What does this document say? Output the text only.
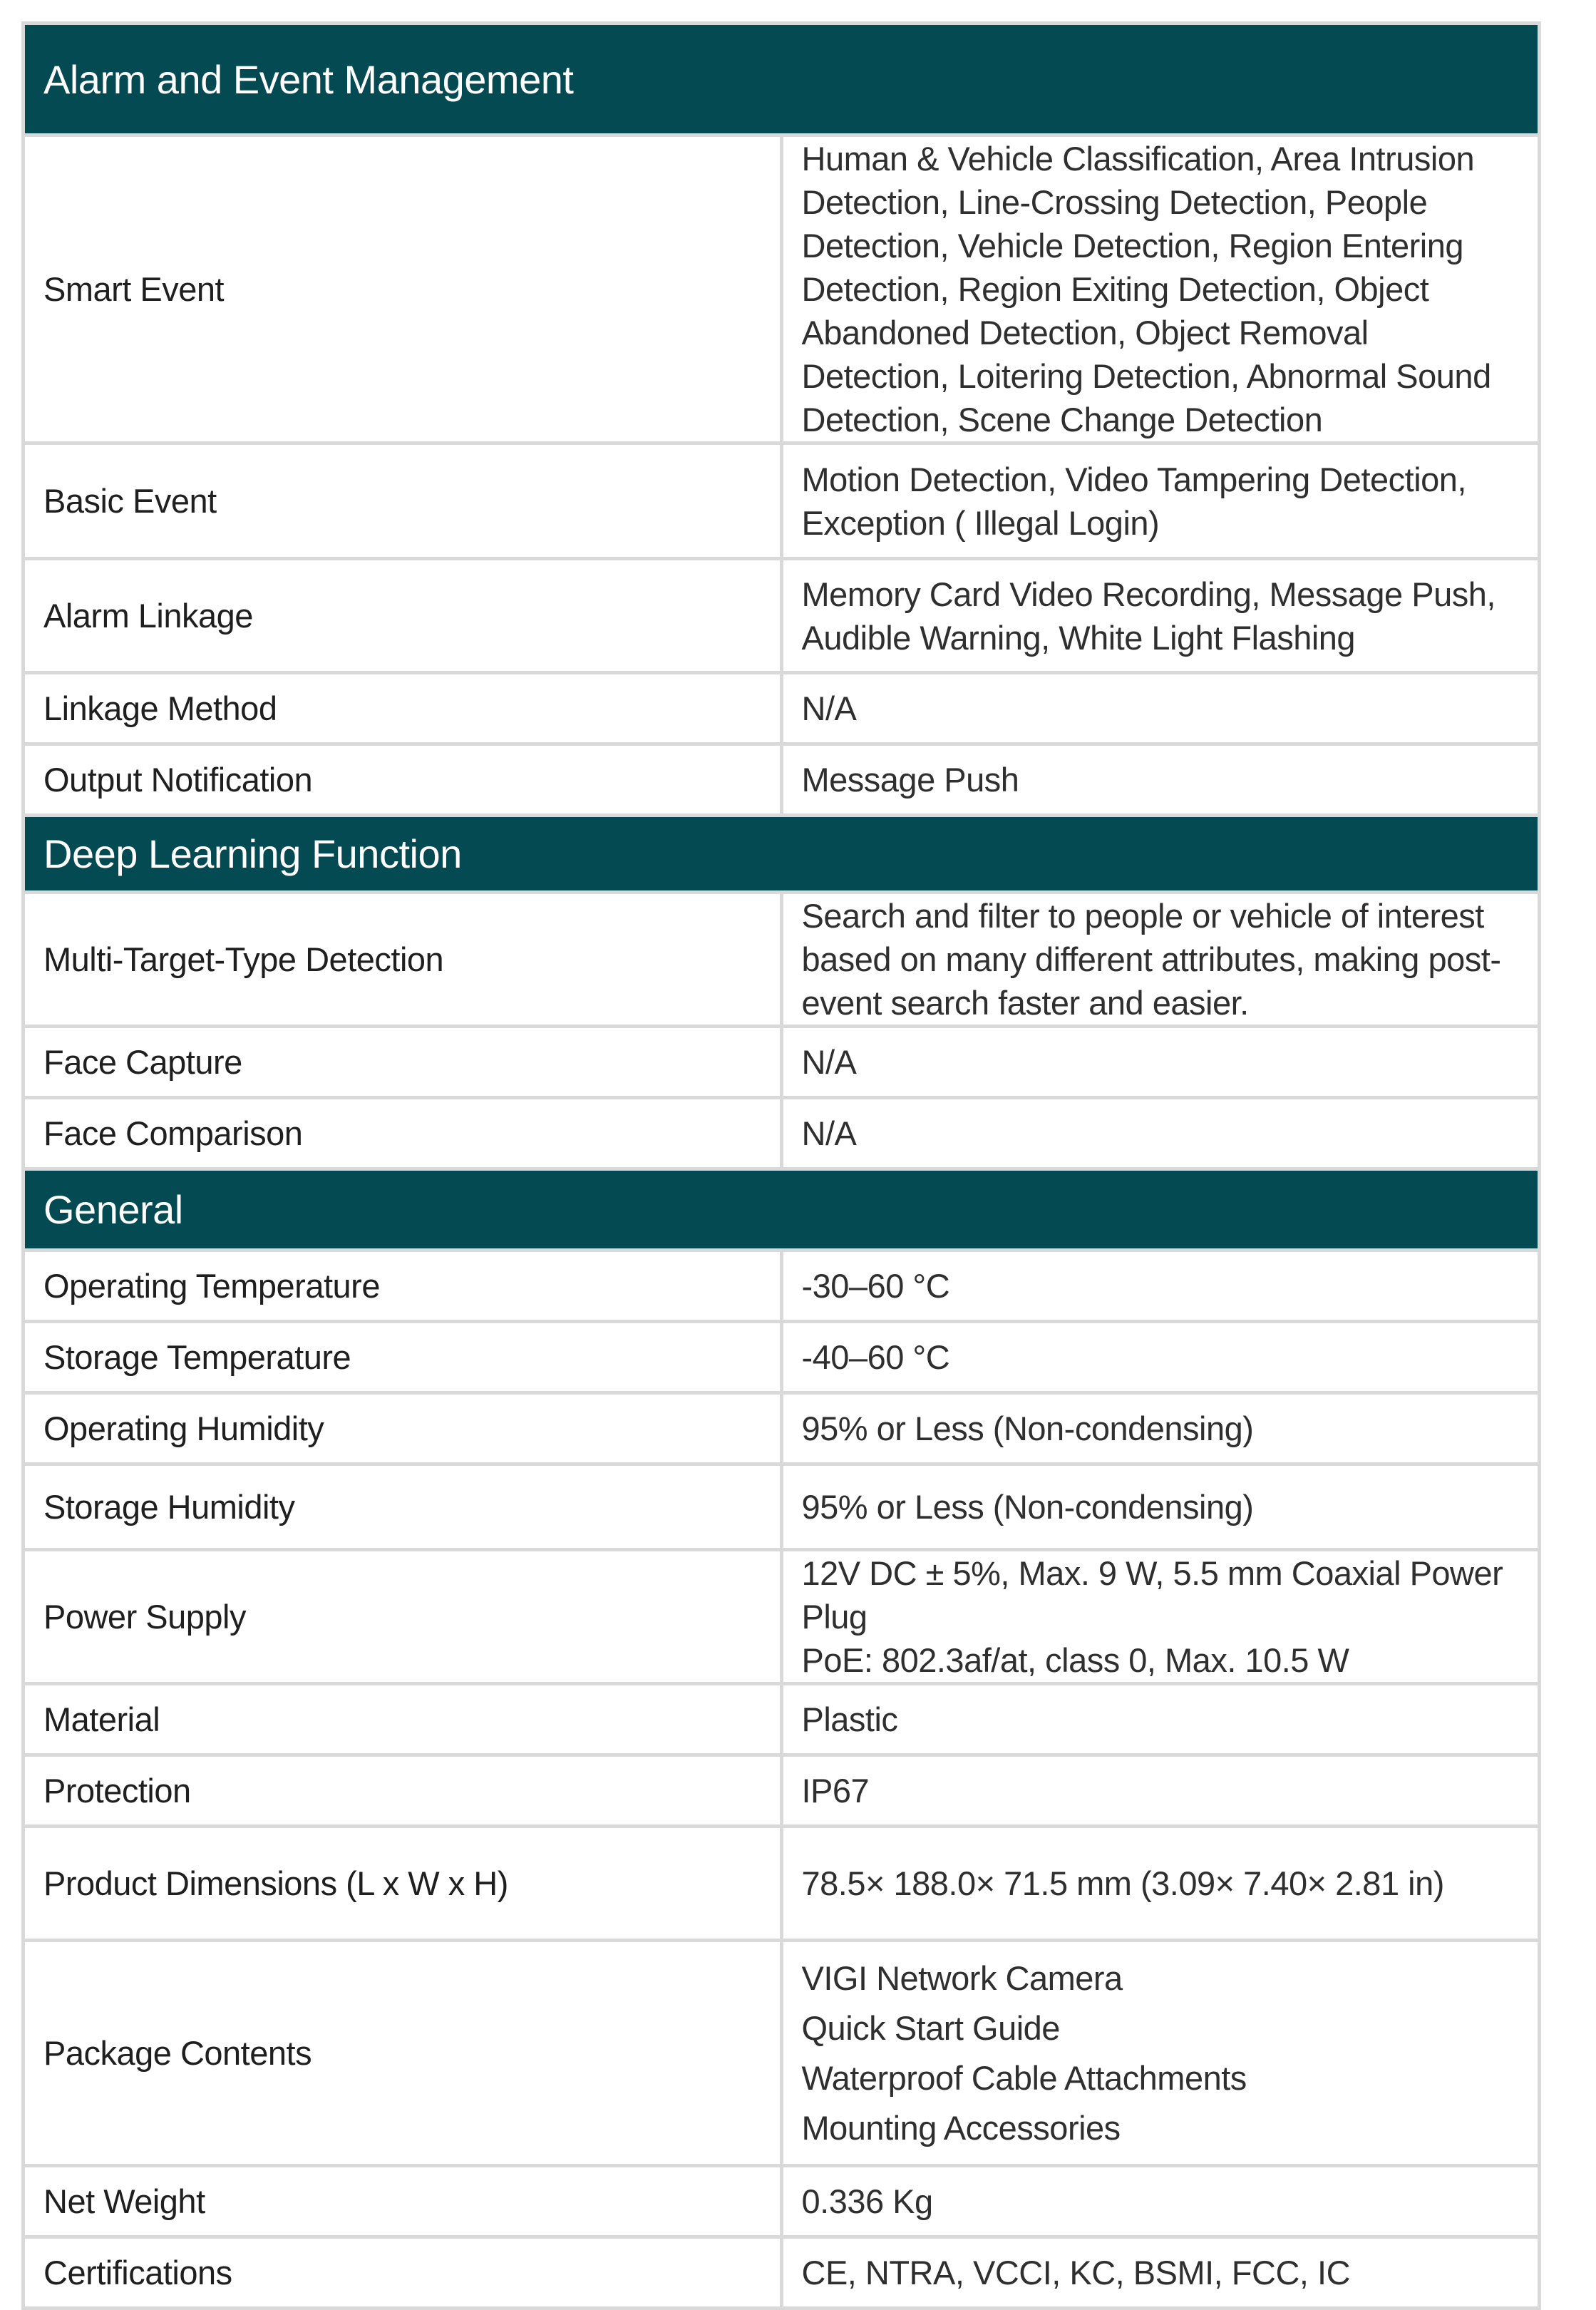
Alarm and Event Management	
Smart Event	Human & Vehicle Classification, Area Intrusion Detection, Line-Crossing Detection, People Detection, Vehicle Detection, Region Entering Detection, Region Exiting Detection, Object Abandoned Detection, Object Removal Detection, Loitering Detection, Abnormal Sound Detection, Scene Change Detection
Basic Event	Motion Detection, Video Tampering Detection, Exception ( Illegal Login)
Alarm Linkage	Memory Card Video Recording, Message Push, Audible Warning, White Light Flashing
Linkage Method	N/A
Output Notification	Message Push
Deep Learning Function	
Multi-Target-Type Detection	Search and filter to people or vehicle of interest based on many different attributes, making post-event search faster and easier.
Face Capture	N/A
Face Comparison	N/A
General	
Operating Temperature	-30–60 °C
Storage Temperature	-40–60 °C
Operating Humidity	95% or Less (Non-condensing)
Storage Humidity	95% or Less (Non-condensing)
Power Supply	12V DC ± 5%, Max. 9 W, 5.5 mm Coaxial Power Plug
PoE: 802.3af/at, class 0, Max. 10.5 W

Material	Plastic
Protection	IP67
Product Dimensions (L x W x H)	78.5× 188.0× 71.5 mm (3.09× 7.40× 2.81 in)
Package Contents	VIGI Network Camera
Quick Start Guide
Waterproof Cable Attachments
Mounting Accessories

Net Weight	0.336 Kg
Certifications	CE, NTRA, VCCI, KC, BSMI, FCC, IC
